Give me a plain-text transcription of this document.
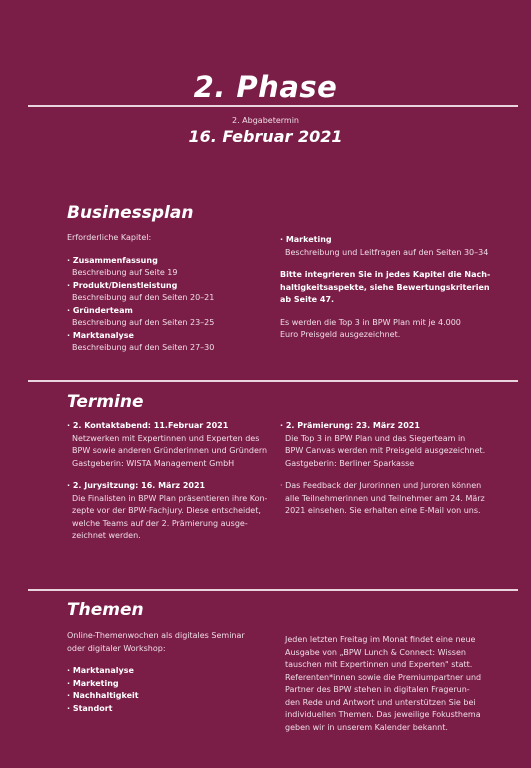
2. Phase
2. Abgabetermin
16. Februar 2021
Businessplan

Erforderliche Kapitel:

· Zusammenfassung

Beschreibung auf Seite 19

· Produkt/Dienstleistung

Beschreibung auf den Seiten 20–21

· Gründerteam

Beschreibung auf den Seiten 23–25

· Marktanalyse

Beschreibung auf den Seiten 27–30

· Marketing

Beschreibung und Leitfragen auf den Seiten 30–34

Bitte integrieren Sie in jedes Kapitel die Nach-

haltigkeitsaspekte, siehe Bewertungskriterien

ab Seite 47.

Es werden die Top 3 in BPW Plan mit je 4.000

Euro Preisgeld ausgezeichnet.

Termine

· 2. Kontaktabend: 11.Februar 2021

Netzwerken mit Expertinnen und Experten des

BPW sowie anderen Gründerinnen und Gründern

Gastgeberin: WISTA Management GmbH

· 2. Jurysitzung: 16. März 2021

Die Finalisten in BPW Plan präsentieren ihre Kon-

zepte vor der BPW-Fachjury. Diese entscheidet,

welche Teams auf der 2. Prämierung ausge-

zeichnet werden.

· 2. Prämierung: 23. März 2021

Die Top 3 in BPW Plan und das Siegerteam in

BPW Canvas werden mit Preisgeld ausgezeichnet.

Gastgeberin: Berliner Sparkasse

· Das Feedback der Jurorinnen und Juroren können

alle Teilnehmerinnen und Teilnehmer am 24. März

2021 einsehen. Sie erhalten eine E-Mail von uns.

Themen

Online-Themenwochen als digitales Seminar

oder digitaler Workshop:

· Marktanalyse

· Marketing

· Nachhaltigkeit

· Standort

Jeden letzten Freitag im Monat findet eine neue

Ausgabe von „BPW Lunch & Connect: Wissen

tauschen mit Expertinnen und Experten" statt.

Referenten*innen sowie die Premiumpartner und

Partner des BPW stehen in digitalen Fragerun-

den Rede und Antwort und unterstützen Sie bei

individuellen Themen. Das jeweilige Fokusthema

geben wir in unserem Kalender bekannt.
